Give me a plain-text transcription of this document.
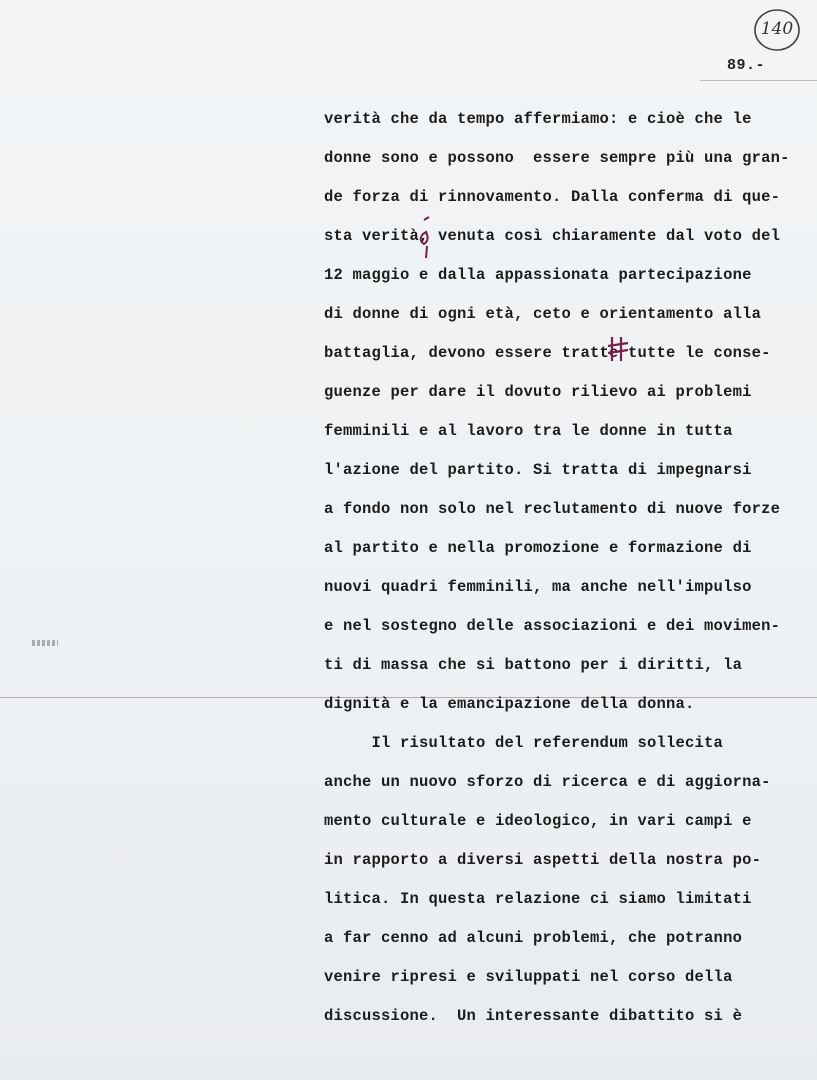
140
89.-
verità che da tempo affermiamo: e cioè che le
donne sono e possono  essere sempre più una gran-
de forza di rinnovamento. Dalla conferma di que-
sta verità, venuta così chiaramente dal voto del
12 maggio e dalla appassionata partecipazione
di donne di ogni età, ceto e orientamento alla
battaglia, devono essere tratte tutte le conse-
guenze per dare il dovuto rilievo ai problemi
femminili e al lavoro tra le donne in tutta
l'azione del partito. Si tratta di impegnarsi
a fondo non solo nel reclutamento di nuove forze
al partito e nella promozione e formazione di
nuovi quadri femminili, ma anche nell'impulso
e nel sostegno delle associazioni e dei movimen-
ti di massa che si battono per i diritti, la
dignità e la emancipazione della donna.
Il risultato del referendum sollecita
anche un nuovo sforzo di ricerca e di aggiorna-
mento culturale e ideologico, in vari campi e
in rapporto a diversi aspetti della nostra po-
litica. In questa relazione ci siamo limitati
a far cenno ad alcuni problemi, che potranno
venire ripresi e sviluppati nel corso della
discussione.  Un interessante dibattito si è
